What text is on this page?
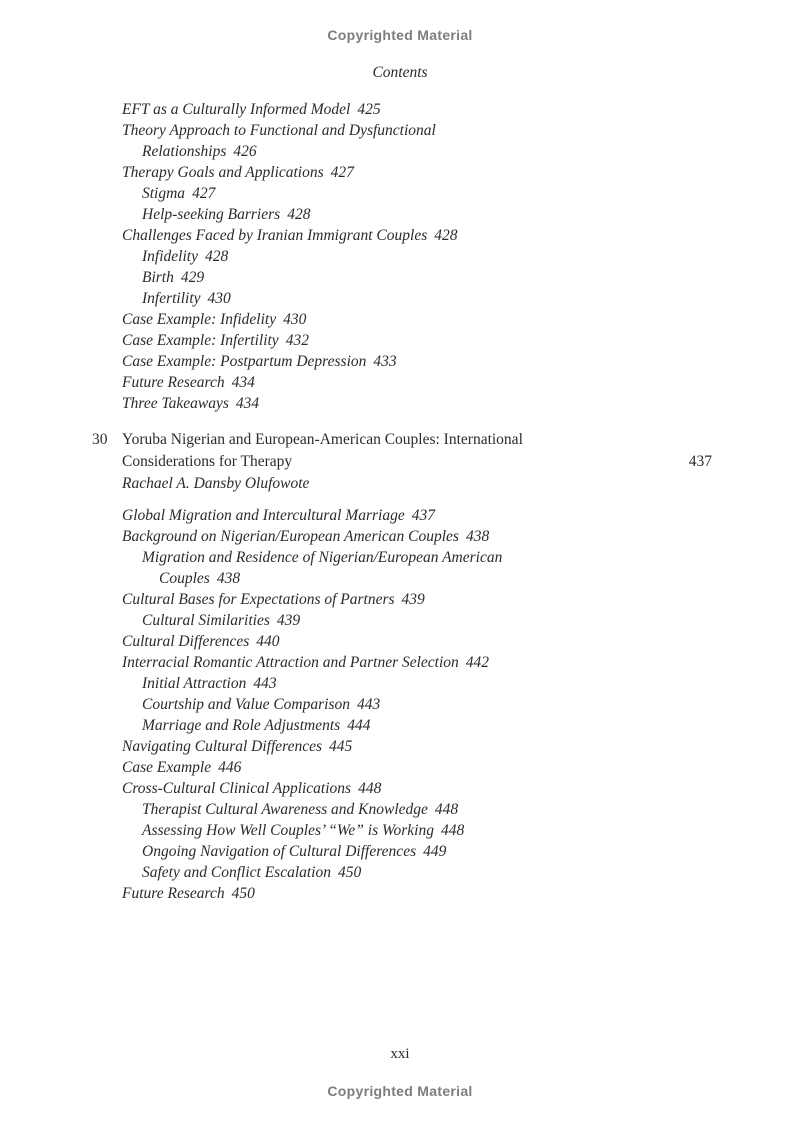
Copyrighted Material
Contents
EFT as a Culturally Informed Model 425
Theory Approach to Functional and Dysfunctional
Relationships 426
Therapy Goals and Applications 427
Stigma 427
Help-seeking Barriers 428
Challenges Faced by Iranian Immigrant Couples 428
Infidelity 428
Birth 429
Infertility 430
Case Example: Infidelity 430
Case Example: Infertility 432
Case Example: Postpartum Depression 433
Future Research 434
Three Takeaways 434
30 Yoruba Nigerian and European-American Couples: International
Considerations for Therapy	437
Rachael A. Dansby Olufowote
Global Migration and Intercultural Marriage 437
Background on Nigerian/European American Couples 438
Migration and Residence of Nigerian/European American
Couples 438
Cultural Bases for Expectations of Partners 439
Cultural Similarities 439
Cultural Differences 440
Interracial Romantic Attraction and Partner Selection 442
Initial Attraction 443
Courtship and Value Comparison 443
Marriage and Role Adjustments 444
Navigating Cultural Differences 445
Case Example 446
Cross-Cultural Clinical Applications 448
Therapist Cultural Awareness and Knowledge 448
Assessing How Well Couples’ “We” is Working 448
Ongoing Navigation of Cultural Differences 449
Safety and Conflict Escalation 450
Future Research 450
xxi
Copyrighted Material
